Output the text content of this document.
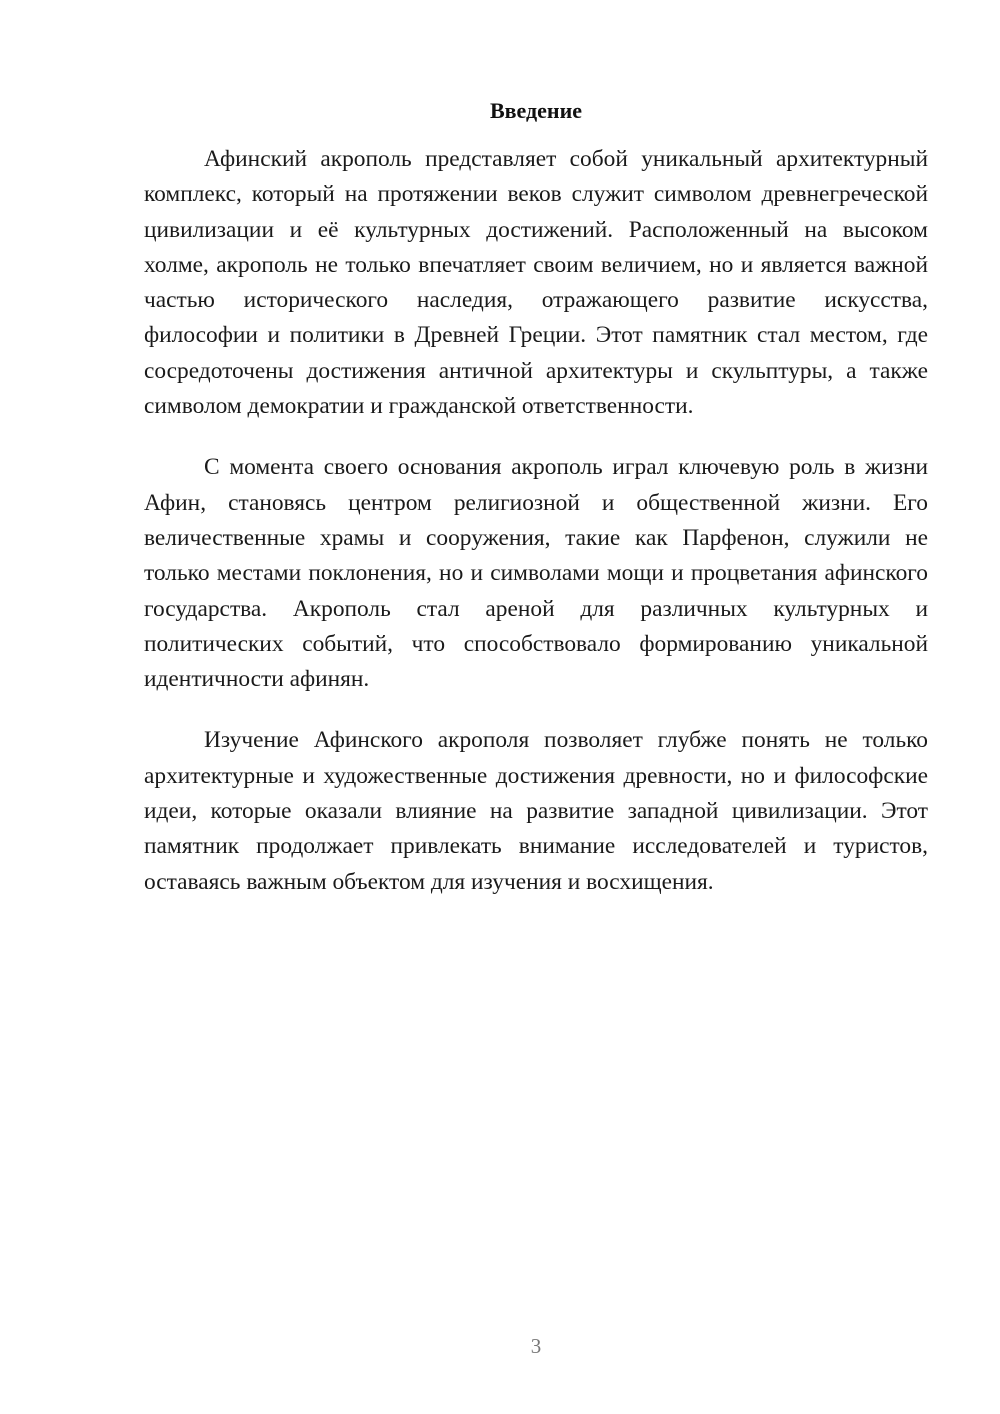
Введение

Афинский акрополь представляет собой уникальный архитектурный комплекс, который на протяжении веков служит символом древнегреческой цивилизации и её культурных достижений. Расположенный на высоком холме, акрополь не только впечатляет своим величием, но и является важной частью исторического наследия, отражающего развитие искусства, философии и политики в Древней Греции. Этот памятник стал местом, где сосредоточены достижения античной архитектуры и скульптуры, а также символом демократии и гражданской ответственности.

С момента своего основания акрополь играл ключевую роль в жизни Афин, становясь центром религиозной и общественной жизни. Его величественные храмы и сооружения, такие как Парфенон, служили не только местами поклонения, но и символами мощи и процветания афинского государства. Акрополь стал ареной для различных культурных и политических событий, что способствовало формированию уникальной идентичности афинян.

Изучение Афинского акрополя позволяет глубже понять не только архитектурные и художественные достижения древности, но и философские идеи, которые оказали влияние на развитие западной цивилизации. Этот памятник продолжает привлекать внимание исследователей и туристов, оставаясь важным объектом для изучения и восхищения.

3
